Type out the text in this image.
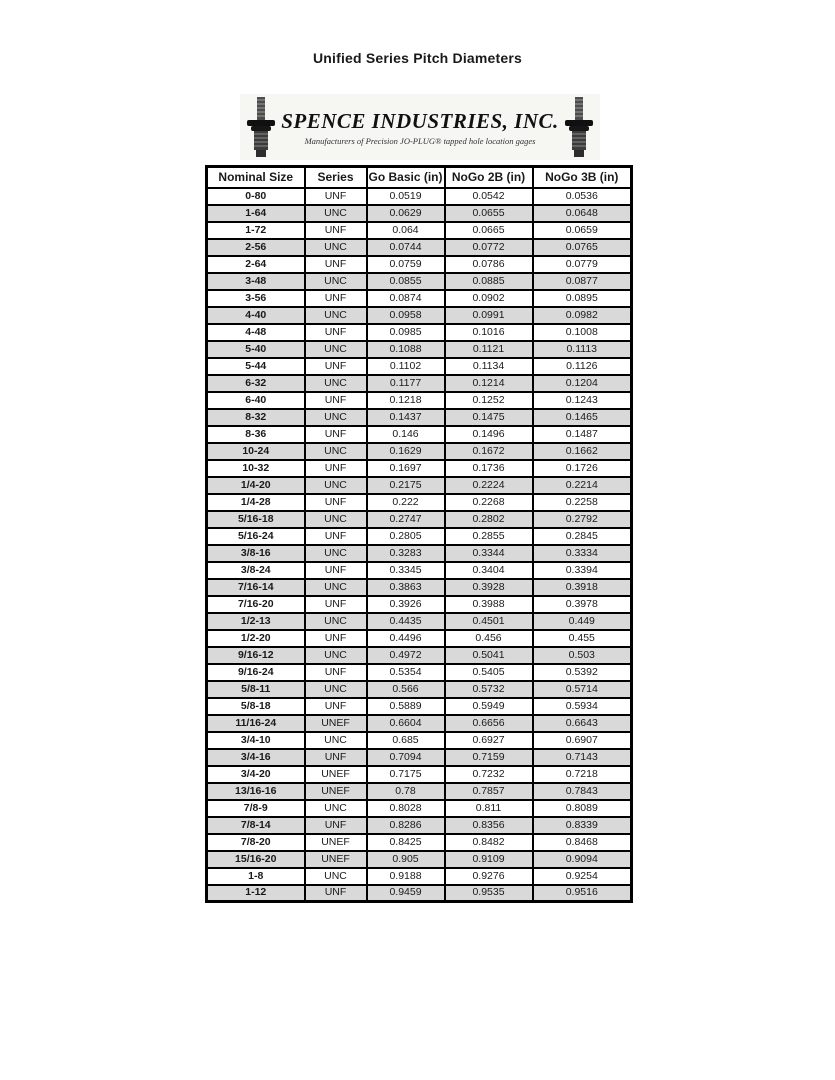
Unified Series Pitch Diameters
SPENCE INDUSTRIES, INC.
Manufacturers of Precision JO-PLUG® tapped hole location gages
Nominal Size	Series	Go Basic (in)	NoGo 2B (in)	NoGo 3B (in)
0-80	UNF	0.0519	0.0542	0.0536
1-64	UNC	0.0629	0.0655	0.0648
1-72	UNF	0.064	0.0665	0.0659
2-56	UNC	0.0744	0.0772	0.0765
2-64	UNF	0.0759	0.0786	0.0779
3-48	UNC	0.0855	0.0885	0.0877
3-56	UNF	0.0874	0.0902	0.0895
4-40	UNC	0.0958	0.0991	0.0982
4-48	UNF	0.0985	0.1016	0.1008
5-40	UNC	0.1088	0.1121	0.1113
5-44	UNF	0.1102	0.1134	0.1126
6-32	UNC	0.1177	0.1214	0.1204
6-40	UNF	0.1218	0.1252	0.1243
8-32	UNC	0.1437	0.1475	0.1465
8-36	UNF	0.146	0.1496	0.1487
10-24	UNC	0.1629	0.1672	0.1662
10-32	UNF	0.1697	0.1736	0.1726
1/4-20	UNC	0.2175	0.2224	0.2214
1/4-28	UNF	0.222	0.2268	0.2258
5/16-18	UNC	0.2747	0.2802	0.2792
5/16-24	UNF	0.2805	0.2855	0.2845
3/8-16	UNC	0.3283	0.3344	0.3334
3/8-24	UNF	0.3345	0.3404	0.3394
7/16-14	UNC	0.3863	0.3928	0.3918
7/16-20	UNF	0.3926	0.3988	0.3978
1/2-13	UNC	0.4435	0.4501	0.449
1/2-20	UNF	0.4496	0.456	0.455
9/16-12	UNC	0.4972	0.5041	0.503
9/16-24	UNF	0.5354	0.5405	0.5392
5/8-11	UNC	0.566	0.5732	0.5714
5/8-18	UNF	0.5889	0.5949	0.5934
11/16-24	UNEF	0.6604	0.6656	0.6643
3/4-10	UNC	0.685	0.6927	0.6907
3/4-16	UNF	0.7094	0.7159	0.7143
3/4-20	UNEF	0.7175	0.7232	0.7218
13/16-16	UNEF	0.78	0.7857	0.7843
7/8-9	UNC	0.8028	0.811	0.8089
7/8-14	UNF	0.8286	0.8356	0.8339
7/8-20	UNEF	0.8425	0.8482	0.8468
15/16-20	UNEF	0.905	0.9109	0.9094
1-8	UNC	0.9188	0.9276	0.9254
1-12	UNF	0.9459	0.9535	0.9516
